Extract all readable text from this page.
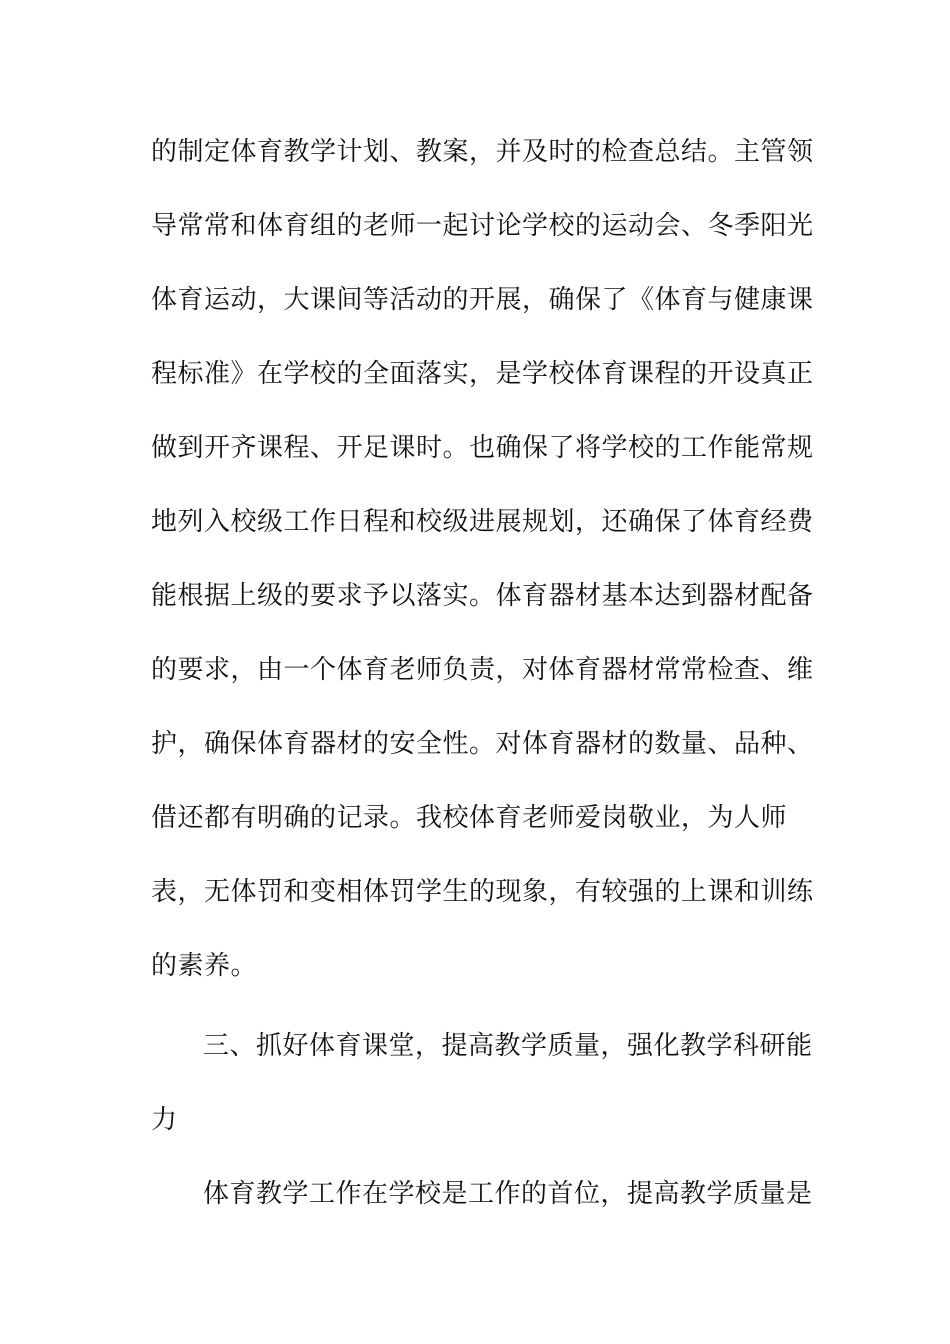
的制定体育教学计划、教案，并及时的检查总结。主管领
导常常和体育组的老师一起讨论学校的运动会、冬季阳光
体育运动，大课间等活动的开展，确保了《体育与健康课
程标准》在学校的全面落实，是学校体育课程的开设真正
做到开齐课程、开足课时。也确保了将学校的工作能常规
地列入校级工作日程和校级进展规划，还确保了体育经费
能根据上级的要求予以落实。体育器材基本达到器材配备
的要求，由一个体育老师负责，对体育器材常常检查、维
护，确保体育器材的安全性。对体育器材的数量、品种、
借还都有明确的记录。我校体育老师爱岗敬业，为人师
表，无体罚和变相体罚学生的现象，有较强的上课和训练
的素养。
三、抓好体育课堂，提高教学质量，强化教学科研能
力
体育教学工作在学校是工作的首位，提高教学质量是
